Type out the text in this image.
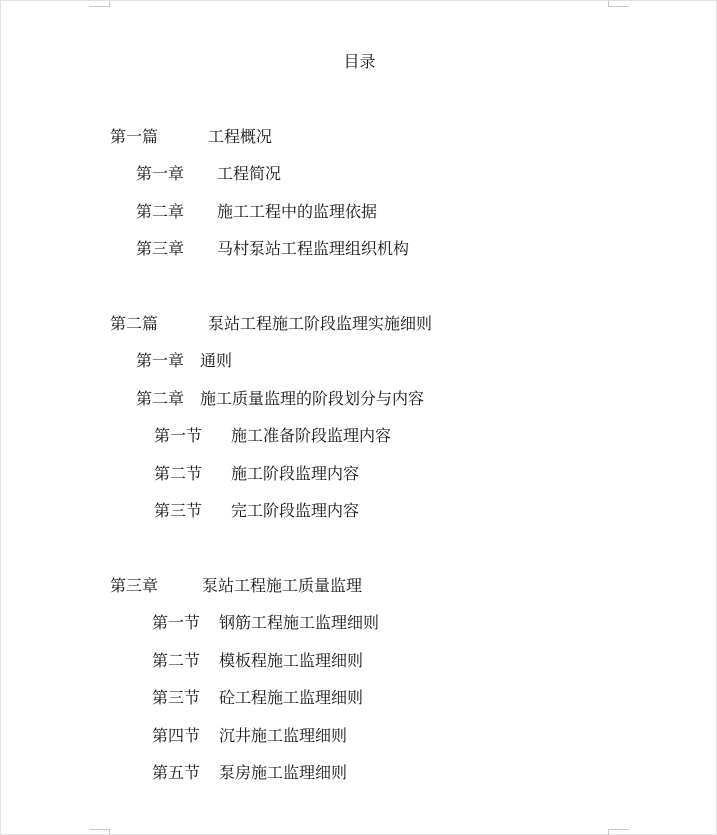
目录
第一篇	工程概况
第一章 工程简况
第二章 施工工程中的监理依据
第三章 马村泵站工程监理组织机构
第二篇	泵站工程施工阶段监理实施细则
第一章 通则
第二章 施工质量监理的阶段划分与内容
第一节 施工准备阶段监理内容
第二节 施工阶段监理内容
第三节 完工阶段监理内容
第三章	泵站工程施工质量监理
第一节 钢筋工程施工监理细则
第二节 模板程施工监理细则
第三节 砼工程施工监理细则
第四节 沉井施工监理细则
第五节 泵房施工监理细则
